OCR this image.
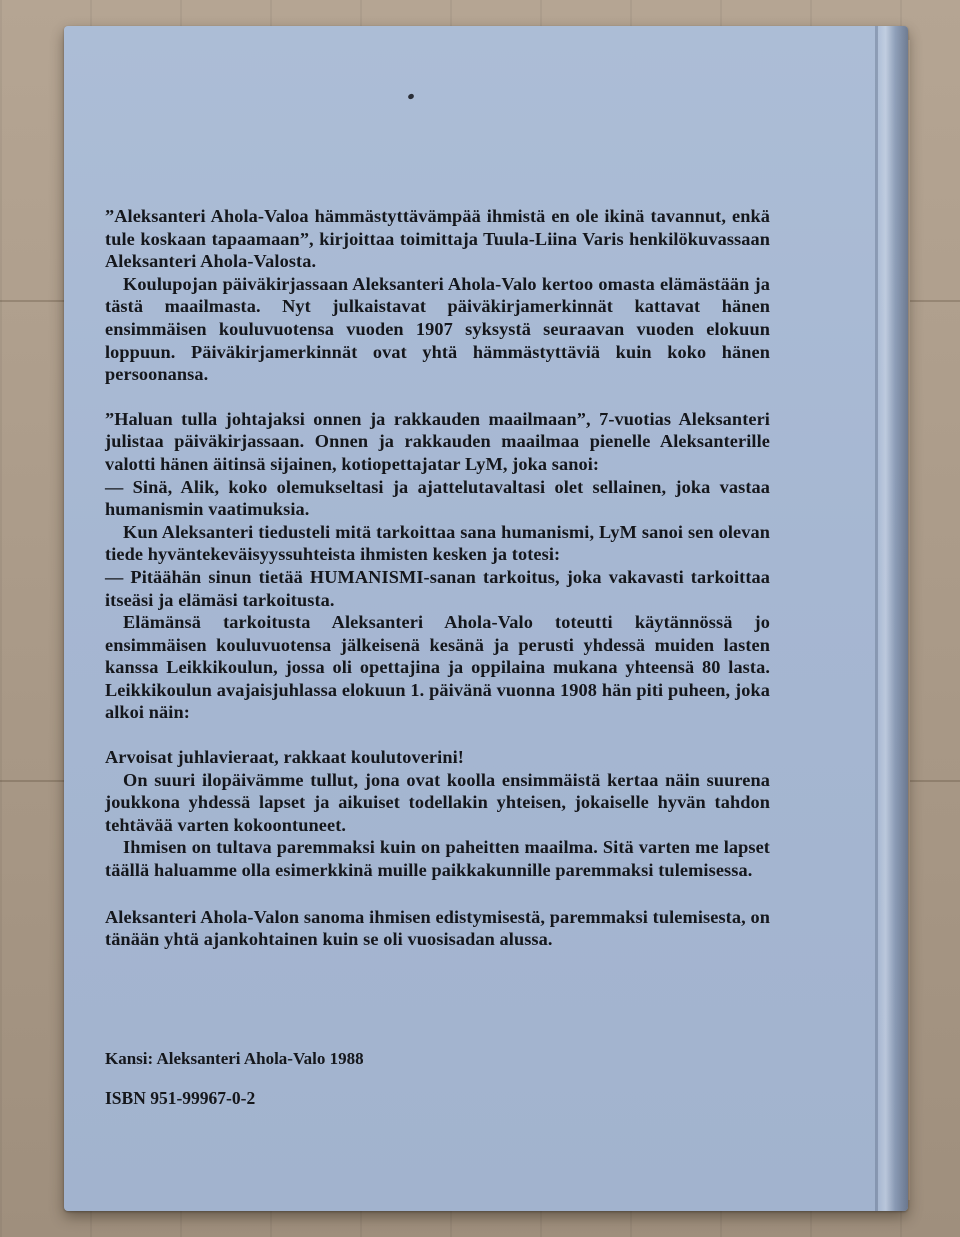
”Aleksanteri Ahola-Valoa hämmästyttävämpää ihmistä en ole ikinä tavannut, enkä tule koskaan tapaamaan”, kirjoittaa toimittaja Tuula-Liina Varis henkilökuvassaan Aleksanteri Ahola-Valosta.

Koulupojan päiväkirjassaan Aleksanteri Ahola-Valo kertoo omasta elämästään ja tästä maailmasta. Nyt julkaistavat päiväkirjamerkinnät kattavat hänen ensimmäisen kouluvuotensa vuoden 1907 syksystä seuraavan vuoden elokuun loppuun. Päiväkirjamerkinnät ovat yhtä hämmästyttäviä kuin koko hänen persoonansa.

”Haluan tulla johtajaksi onnen ja rakkauden maailmaan”, 7-vuotias Aleksanteri julistaa päiväkirjassaan. Onnen ja rakkauden maailmaa pienelle Aleksanterille valotti hänen äitinsä sijainen, kotiopettajatar LyM, joka sanoi:

— Sinä, Alik, koko olemukseltasi ja ajattelutavaltasi olet sellainen, joka vastaa humanismin vaatimuksia.

Kun Aleksanteri tiedusteli mitä tarkoittaa sana humanismi, LyM sanoi sen olevan tiede hyväntekeväisyyssuhteista ihmisten kesken ja totesi:

— Pitäähän sinun tietää HUMANISMI-sanan tarkoitus, joka vakavasti tarkoittaa itseäsi ja elämäsi tarkoitusta.

Elämänsä tarkoitusta Aleksanteri Ahola-Valo toteutti käytännössä jo ensimmäisen kouluvuotensa jälkeisenä kesänä ja perusti yhdessä muiden lasten kanssa Leikkikoulun, jossa oli opettajina ja oppilaina mukana yhteensä 80 lasta. Leikkikoulun avajaisjuhlassa elokuun 1. päivänä vuonna 1908 hän piti puheen, joka alkoi näin:

Arvoisat juhlavieraat, rakkaat koulutoverini!

On suuri ilopäivämme tullut, jona ovat koolla ensimmäistä kertaa näin suurena joukkona yhdessä lapset ja aikuiset todellakin yhteisen, jokaiselle hyvän tahdon tehtävää varten kokoontuneet.

Ihmisen on tultava paremmaksi kuin on paheitten maailma. Sitä varten me lapset täällä haluamme olla esimerkkinä muille paikkakunnille paremmaksi tulemisessa.

Aleksanteri Ahola-Valon sanoma ihmisen edistymisestä, paremmaksi tulemisesta, on tänään yhtä ajankohtainen kuin se oli vuosisadan alussa.

Kansi: Aleksanteri Ahola-Valo 1988

ISBN 951-99967-0-2
